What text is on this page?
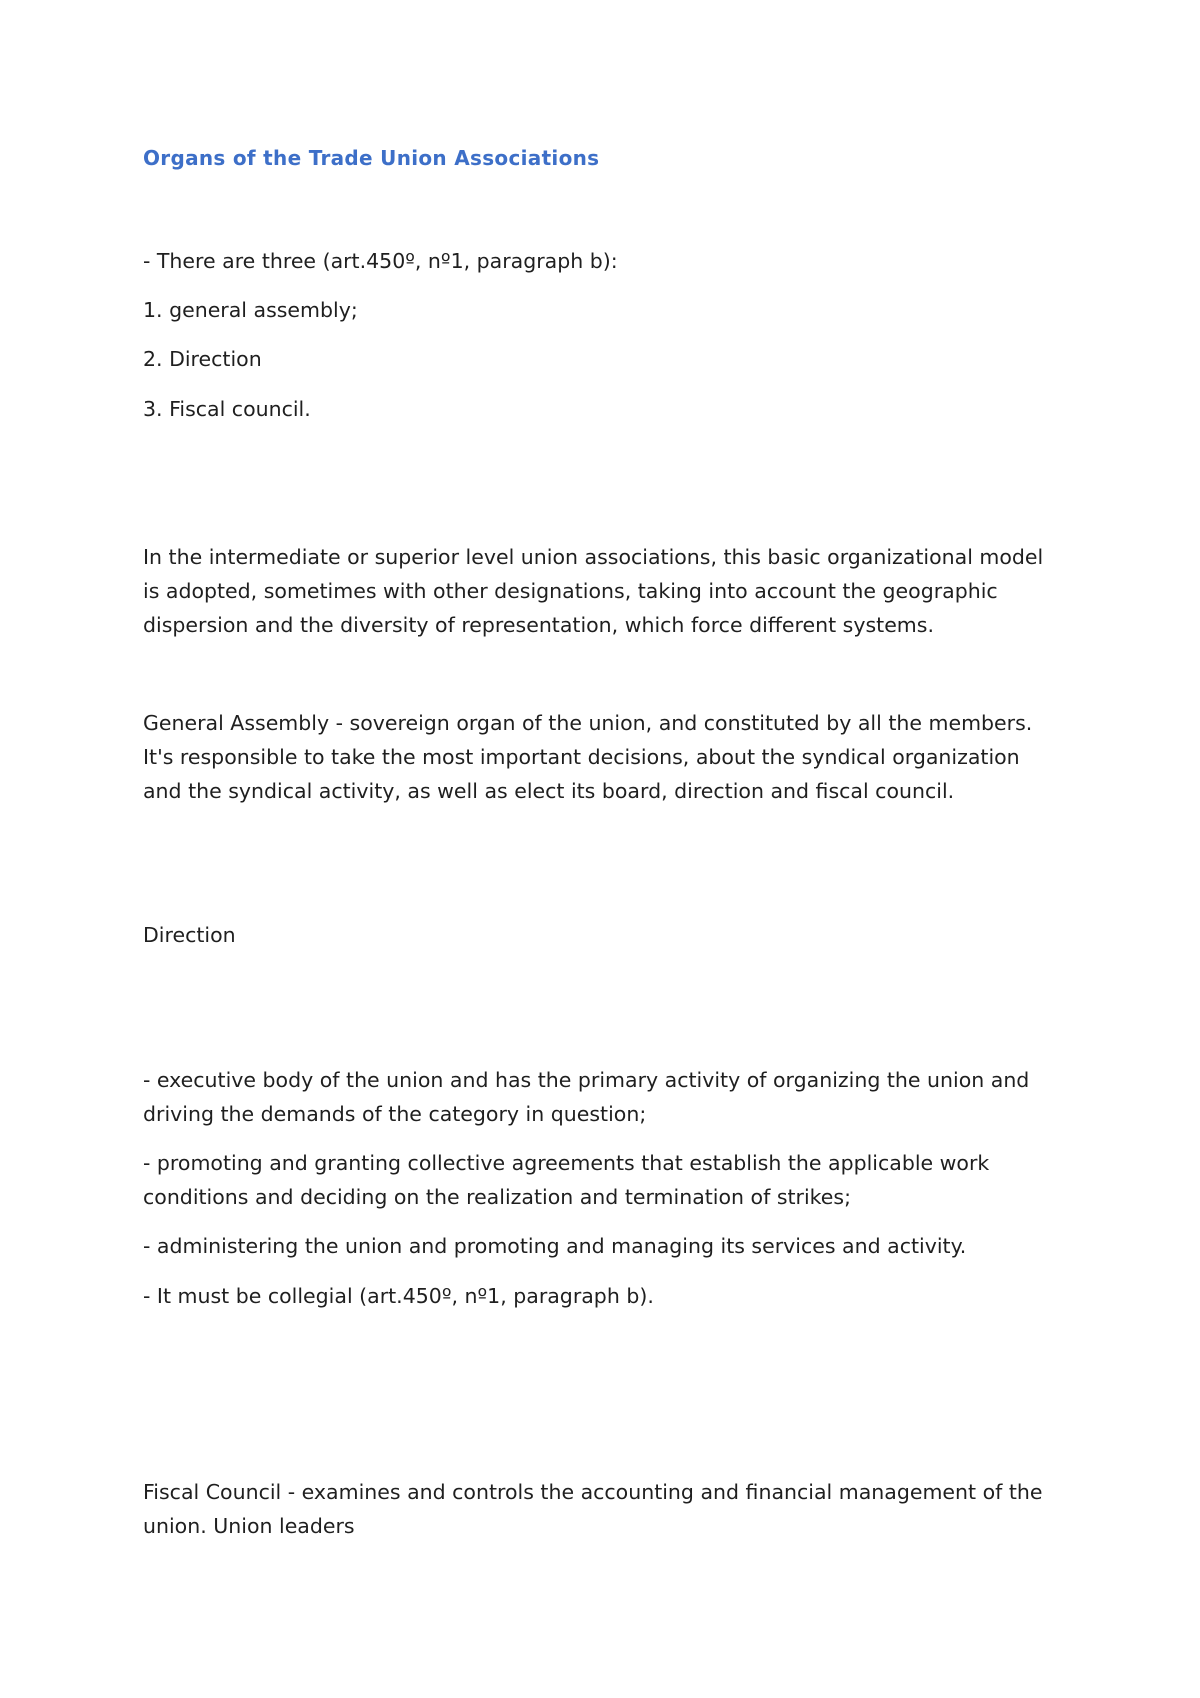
Organs of the Trade Union Associations
- There are three (art.450º, nº1, paragraph b):
1. general assembly;
2. Direction
3. Fiscal council.
In the intermediate or superior level union associations, this basic organizational model
is adopted, sometimes with other designations, taking into account the geographic
dispersion and the diversity of representation, which force different systems.
General Assembly - sovereign organ of the union, and constituted by all the members.
It's responsible to take the most important decisions, about the syndical organization
and the syndical activity, as well as elect its board, direction and fiscal council.
Direction
- executive body of the union and has the primary activity of organizing the union and
driving the demands of the category in question;
- promoting and granting collective agreements that establish the applicable work
conditions and deciding on the realization and termination of strikes;
- administering the union and promoting and managing its services and activity.
- It must be collegial (art.450º, nº1, paragraph b).
Fiscal Council - examines and controls the accounting and financial management of the
union. Union leaders
